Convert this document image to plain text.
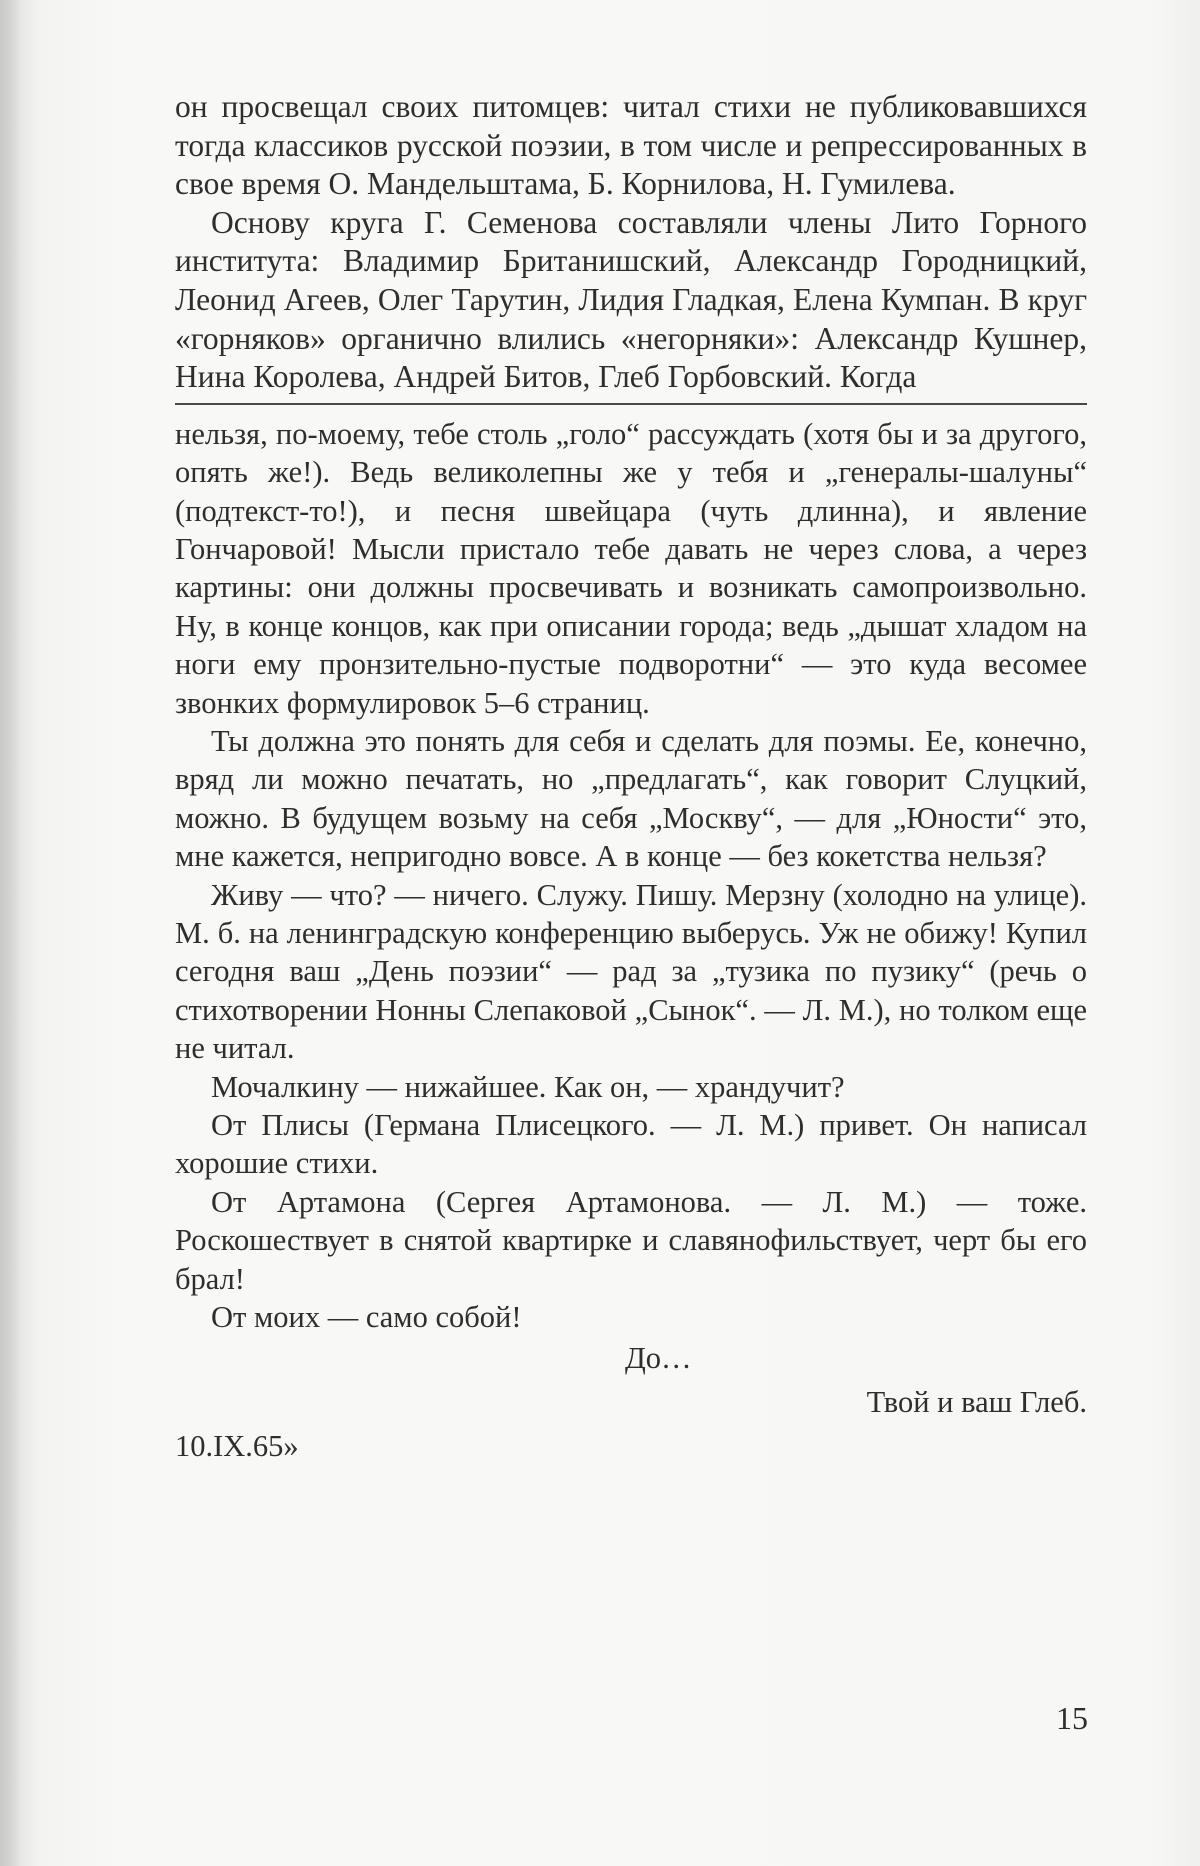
он просвещал своих питомцев: читал стихи не публиковавшихся тогда классиков русской поэзии, в том числе и репрессированных в свое время О. Мандельштама, Б. Корнилова, Н. Гумилева.

Основу круга Г. Семенова составляли члены Лито Горного института: Владимир Британишский, Александр Городницкий, Леонид Агеев, Олег Тарутин, Лидия Гладкая, Елена Кумпан. В круг «горняков» органично влились «негорняки»: Александр Кушнер, Нина Королева, Андрей Битов, Глеб Горбовский. Когда

нельзя, по-моему, тебе столь „голо“ рассуждать (хотя бы и за другого, опять же!). Ведь великолепны же у тебя и „генералы-шалуны“ (подтекст-то!), и песня швейцара (чуть длинна), и явление Гончаровой! Мысли пристало тебе давать не через слова, а через картины: они должны просвечивать и возникать самопроизвольно. Ну, в конце концов, как при описании города; ведь „дышат хладом на ноги ему пронзительно-пустые подворотни“ — это куда весомее звонких формулировок 5–6 страниц.

Ты должна это понять для себя и сделать для поэмы. Ее, конечно, вряд ли можно печатать, но „предлагать“, как говорит Слуцкий, можно. В будущем возьму на себя „Москву“, — для „Юности“ это, мне кажется, непригодно вовсе. А в конце — без кокетства нельзя?

Живу — что? — ничего. Служу. Пишу. Мерзну (холодно на улице). М. б. на ленинградскую конференцию выберусь. Уж не обижу! Купил сегодня ваш „День поэзии“ — рад за „тузика по пузику“ (речь о стихотворении Нонны Слепаковой „Сынок“. — Л. М.), но толком еще не читал.

Мочалкину — нижайшее. Как он, — храндучит?

От Плисы (Германа Плисецкого. — Л. М.) привет. Он написал хорошие стихи.

От Артамона (Сергея Артамонова. — Л. М.) — тоже. Роскошествует в снятой квартирке и славянофильствует, черт бы его брал!

От моих — само собой!

До…

Твой и ваш Глеб.

10.IX.65»

15
